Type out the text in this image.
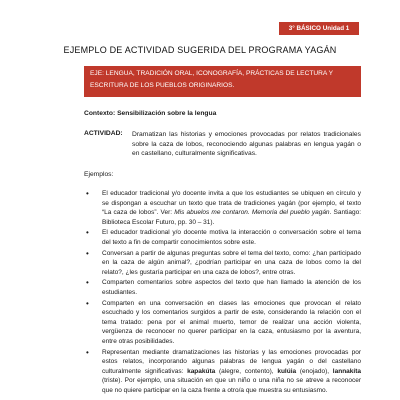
3° BÁSICO Unidad 1
EJEMPLO DE ACTIVIDAD SUGERIDA DEL PROGRAMA YAGÁN
EJE: LENGUA, TRADICIÓN ORAL, ICONOGRAFÍA, PRÁCTICAS DE LECTURA Y ESCRITURA DE LOS PUEBLOS ORIGINARIOS.
Contexto: Sensibilización sobre la lengua
ACTIVIDAD: Dramatizan las historias y emociones provocadas por relatos tradicionales sobre la caza de lobos, reconociendo algunas palabras en lengua yagán o en castellano, culturalmente significativas.
Ejemplos:
• El educador tradicional y/o docente invita a que los estudiantes se ubiquen en círculo y se dispongan a escuchar un texto que trata de tradiciones yagán (por ejemplo, el texto “La caza de lobos”. Ver: Mis abuelos me contaron. Memoria del pueblo yagán. Santiago: Biblioteca Escolar Futuro, pp. 30 – 31).
• El educador tradicional y/o docente motiva la interacción o conversación sobre el tema del texto a fin de compartir conocimientos sobre este.
• Conversan a partir de algunas preguntas sobre el tema del texto, como: ¿han participado en la caza de algún animal?, ¿podrían participar en una caza de lobos como la del relato?, ¿les gustaría participar en una caza de lobos?, entre otras.
• Comparten comentarios sobre aspectos del texto que han llamado la atención de los estudiantes.
• Comparten en una conversación en clases las emociones que provocan el relato escuchado y los comentarios surgidos a partir de este, considerando la relación con el tema tratado: pena por el animal muerto, temor de realizar una acción violenta, vergüenza de reconocer no querer participar en la caza, entusiasmo por la aventura, entre otras posibilidades.
• Representan mediante dramatizaciones las historias y las emociones provocadas por estos relatos, incorporando algunas palabras de lengua yagán o del castellano culturalmente significativas: kapakúta (alegre, contento), kulúia (enojado), lannakíta (triste). Por ejemplo, una situación en que un niño o una niña no se atreve a reconocer que no quiere participar en la caza frente a otro/a que muestra su entusiasmo.
